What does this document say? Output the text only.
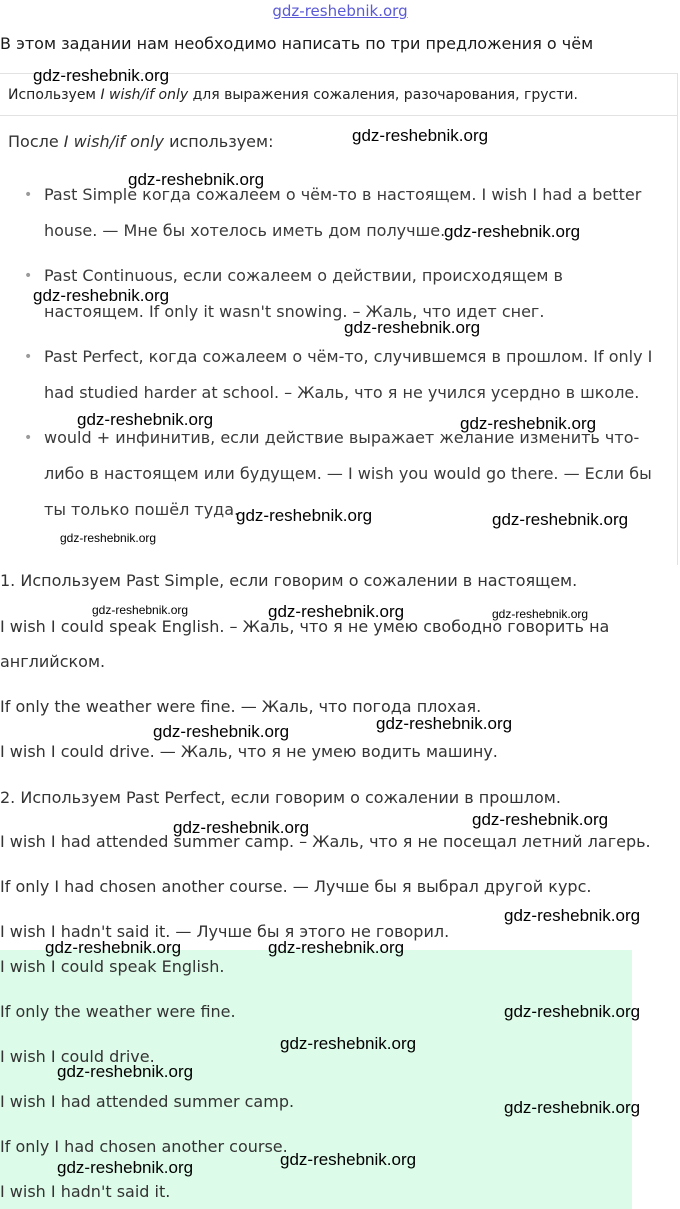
gdz-reshebnik.org
В этом задании нам необходимо написать по три предложения о чём
Используем I wish/if only для выражения сожаления, разочарования, грусти.
После I wish/if only используем:
• Past Simple когда сожалеем о чём-то в настоящем. I wish I had a better house. — Мне бы хотелось иметь дом получше.
• Past Continuous, если сожалеем о действии, происходящем в настоящем. If only it wasn't snowing. – Жаль, что идет снег.
• Past Perfect, когда сожалеем о чём-то, случившемся в прошлом. If only I had studied harder at school. – Жаль, что я не учился усердно в школе.
• would + инфинитив, если действие выражает желание изменить что-либо в настоящем или будущем. — I wish you would go there. — Если бы ты только пошёл туда.
1. Используем Past Simple, если говорим о сожалении в настоящем.
I wish I could speak English. – Жаль, что я не умею свободно говорить на
английском.
If only the weather were fine. — Жаль, что погода плохая.
I wish I could drive. — Жаль, что я не умею водить машину.
2. Используем Past Perfect, если говорим о сожалении в прошлом.
I wish I had attended summer camp. – Жаль, что я не посещал летний лагерь.
If only I had chosen another course. — Лучше бы я выбрал другой курс.
I wish I hadn't said it. — Лучше бы я этого не говорил.
I wish I could speak English.
If only the weather were fine.
I wish I could drive.
I wish I had attended summer camp.
If only I had chosen another course.
I wish I hadn't said it.
gdz-reshebnik.org
gdz-reshebnik.org
gdz-reshebnik.org
gdz-reshebnik.org
gdz-reshebnik.org
gdz-reshebnik.org
gdz-reshebnik.org	gdz-reshebnik.org
gdz-reshebnik.org	gdz-reshebnik.org
gdz-reshebnik.org
gdz-reshebnik.org	gdz-reshebnik.org	gdz-reshebnik.org
gdz-reshebnik.org	gdz-reshebnik.org
gdz-reshebnik.org	gdz-reshebnik.org
gdz-reshebnik.org
gdz-reshebnik.org	gdz-reshebnik.org
gdz-reshebnik.org
gdz-reshebnik.org
gdz-reshebnik.org
gdz-reshebnik.org
gdz-reshebnik.org
gdz-reshebnik.org
